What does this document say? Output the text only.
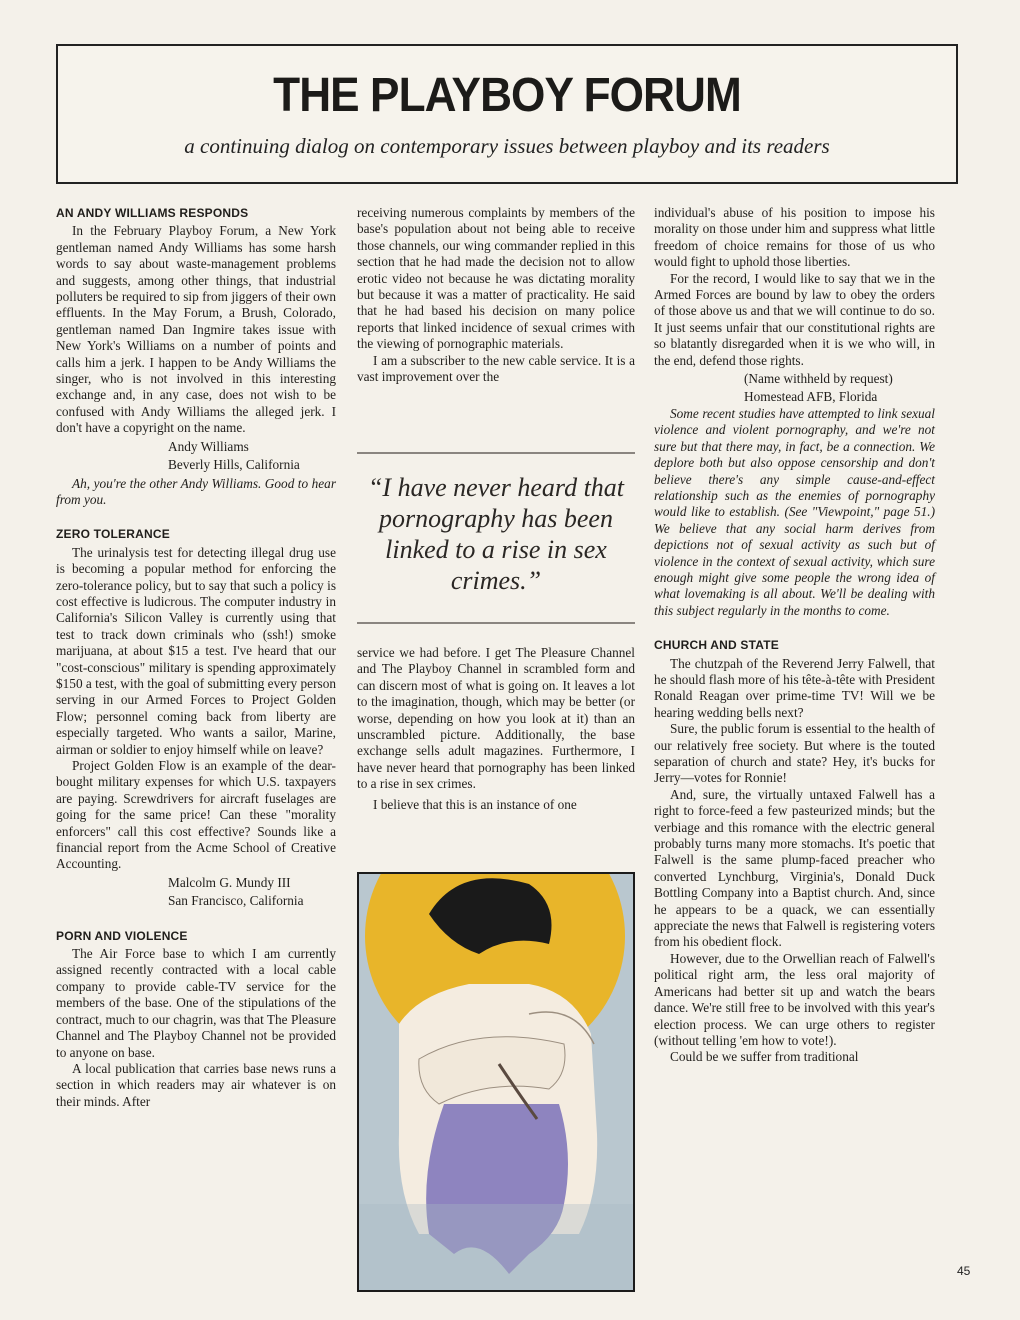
THE PLAYBOY FORUM
a continuing dialog on contemporary issues between playboy and its readers
AN ANDY WILLIAMS RESPONDS

In the February Playboy Forum, a New York gentleman named Andy Williams has some harsh words to say about waste-management problems and suggests, among other things, that industrial polluters be required to sip from jiggers of their own effluents. In the May Forum, a Brush, Colorado, gentleman named Dan Ingmire takes issue with New York's Williams on a number of points and calls him a jerk. I happen to be Andy Williams the singer, who is not involved in this interesting exchange and, in any case, does not wish to be confused with Andy Williams the alleged jerk. I don't have a copyright on the name.

Andy Williams
Beverly Hills, California

Ah, you're the other Andy Williams. Good to hear from you.

ZERO TOLERANCE

The urinalysis test for detecting illegal drug use is becoming a popular method for enforcing the zero-tolerance policy, but to say that such a policy is cost effective is ludicrous. The computer industry in California's Silicon Valley is currently using that test to track down criminals who (ssh!) smoke marijuana, at about $15 a test. I've heard that our "cost-conscious" military is spending approximately $150 a test, with the goal of submitting every person serving in our Armed Forces to Project Golden Flow; personnel coming back from liberty are especially targeted. Who wants a sailor, Marine, airman or soldier to enjoy himself while on leave?

Project Golden Flow is an example of the dear-bought military expenses for which U.S. taxpayers are paying. Screwdrivers for aircraft fuselages are going for the same price! Can these "morality enforcers" call this cost effective? Sounds like a financial report from the Acme School of Creative Accounting.

Malcolm G. Mundy III
San Francisco, California
PORN AND VIOLENCE

The Air Force base to which I am currently assigned recently contracted with a local cable company to provide cable-TV service for the members of the base. One of the stipulations of the contract, much to our chagrin, was that The Pleasure Channel and The Playboy Channel not be provided to anyone on base.

A local publication that carries base news runs a section in which readers may air whatever is on their minds. After

receiving numerous complaints by members of the base's population about not being able to receive those channels, our wing commander replied in this section that he had made the decision not to allow erotic video not because he was dictating morality but because it was a matter of practicality. He said that he had based his decision on many police reports that linked incidence of sexual crimes with the viewing of pornographic materials.

I am a subscriber to the new cable service. It is a vast improvement over the

“I have never heard that pornography has been linked to a rise in sex crimes.”

service we had before. I get The Pleasure Channel and The Playboy Channel in scrambled form and can discern most of what is going on. It leaves a lot to the imagination, though, which may be better (or worse, depending on how you look at it) than an unscrambled picture. Additionally, the base exchange sells adult magazines. Furthermore, I have never heard that pornography has been linked to a rise in sex crimes.

I believe that this is an instance of one

individual's abuse of his position to impose his morality on those under him and suppress what little freedom of choice remains for those of us who would fight to uphold those liberties.

For the record, I would like to say that we in the Armed Forces are bound by law to obey the orders of those above us and that we will continue to do so. It just seems unfair that our constitutional rights are so blatantly disregarded when it is we who will, in the end, defend those rights.

(Name withheld by request)
Homestead AFB, Florida

Some recent studies have attempted to link sexual violence and violent pornography, and we're not sure but that there may, in fact, be a connection. We deplore both but also oppose censorship and don't believe there's any simple cause-and-effect relationship such as the enemies of pornography would like to establish. (See "Viewpoint," page 51.) We believe that any social harm derives from depictions not of sexual activity as such but of violence in the context of sexual activity, which sure enough might give some people the wrong idea of what lovemaking is all about. We'll be dealing with this subject regularly in the months to come.

CHURCH AND STATE

The chutzpah of the Reverend Jerry Falwell, that he should flash more of his tête-à-tête with President Ronald Reagan over prime-time TV! Will we be hearing wedding bells next?

Sure, the public forum is essential to the health of our relatively free society. But where is the touted separation of church and state? Hey, it's bucks for Jerry—votes for Ronnie!

And, sure, the virtually untaxed Falwell has a right to force-feed a few pasteurized minds; but the verbiage and this romance with the electric general probably turns many more stomachs. It's poetic that Falwell is the same plump-faced preacher who converted Lynchburg, Virginia's, Donald Duck Bottling Company into a Baptist church. And, since he appears to be a quack, we can essentially appreciate the news that Falwell is registering voters from his obedient flock.

However, due to the Orwellian reach of Falwell's political right arm, the less oral majority of Americans had better sit up and watch the bears dance. We're still free to be involved with this year's election process. We can urge others to register (without telling 'em how to vote!).

Could be we suffer from traditional

45
